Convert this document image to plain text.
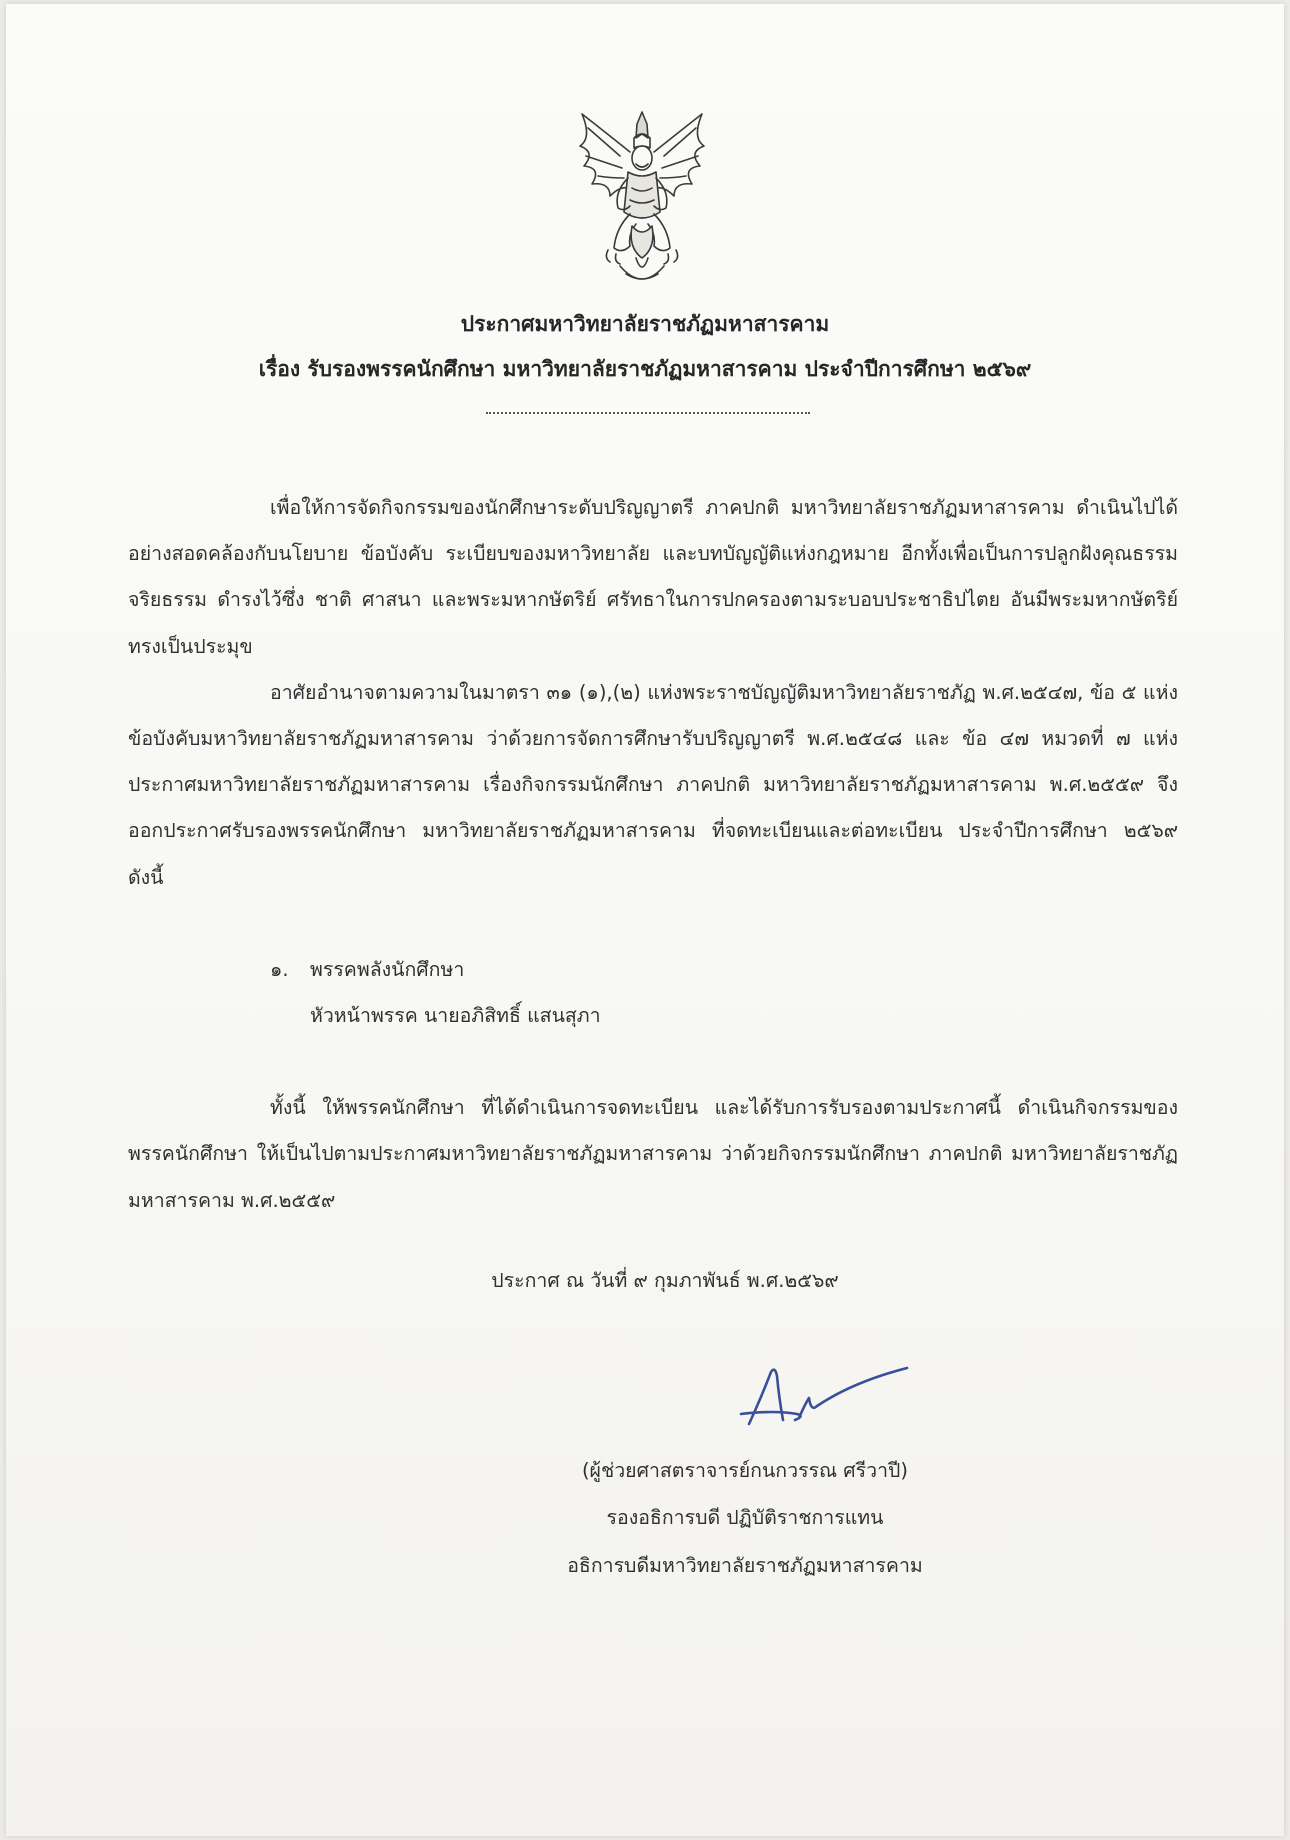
ประกาศมหาวิทยาลัยราชภัฏมหาสารคาม
เรื่อง รับรองพรรคนักศึกษา มหาวิทยาลัยราชภัฏมหาสารคาม ประจำปีการศึกษา ๒๕๖๙

เพื่อให้การจัดกิจกรรมของนักศึกษาระดับปริญญาตรี ภาคปกติ มหาวิทยาลัยราชภัฏมหาสารคาม ดำเนินไปได้อย่างสอดคล้องกับนโยบาย ข้อบังคับ ระเบียบของมหาวิทยาลัย และบทบัญญัติแห่งกฎหมาย อีกทั้งเพื่อเป็นการปลูกฝังคุณธรรม จริยธรรม ดำรงไว้ซึ่ง ชาติ ศาสนา และพระมหากษัตริย์ ศรัทธาในการปกครองตามระบอบประชาธิปไตย อันมีพระมหากษัตริย์ทรงเป็นประมุข

อาศัยอำนาจตามความในมาตรา ๓๑ (๑),(๒) แห่งพระราชบัญญัติมหาวิทยาลัยราชภัฏ พ.ศ.๒๕๔๗, ข้อ ๕ แห่งข้อบังคับมหาวิทยาลัยราชภัฏมหาสารคาม ว่าด้วยการจัดการศึกษารับปริญญาตรี พ.ศ.๒๕๔๘ และ ข้อ ๔๗ หมวดที่ ๗ แห่งประกาศมหาวิทยาลัยราชภัฏมหาสารคาม เรื่องกิจกรรมนักศึกษา ภาคปกติ มหาวิทยาลัยราชภัฏมหาสารคาม พ.ศ.๒๕๕๙ จึงออกประกาศรับรองพรรคนักศึกษา มหาวิทยาลัยราชภัฏมหาสารคาม ที่จดทะเบียนและต่อทะเบียน ประจำปีการศึกษา ๒๕๖๙ ดังนี้

๑. พรรคพลังนักศึกษา
หัวหน้าพรรค นายอภิสิทธิ์ แสนสุภา

ทั้งนี้ ให้พรรคนักศึกษา ที่ได้ดำเนินการจดทะเบียน และได้รับการรับรองตามประกาศนี้ ดำเนินกิจกรรมของพรรคนักศึกษา ให้เป็นไปตามประกาศมหาวิทยาลัยราชภัฏมหาสารคาม ว่าด้วยกิจกรรมนักศึกษา ภาคปกติ มหาวิทยาลัยราชภัฏมหาสารคาม พ.ศ.๒๕๕๙

ประกาศ ณ วันที่ ๙ กุมภาพันธ์ พ.ศ.๒๕๖๙
(ผู้ช่วยศาสตราจารย์กนกวรรณ ศรีวาปี)
รองอธิการบดี ปฏิบัติราชการแทน
อธิการบดีมหาวิทยาลัยราชภัฏมหาสารคาม
